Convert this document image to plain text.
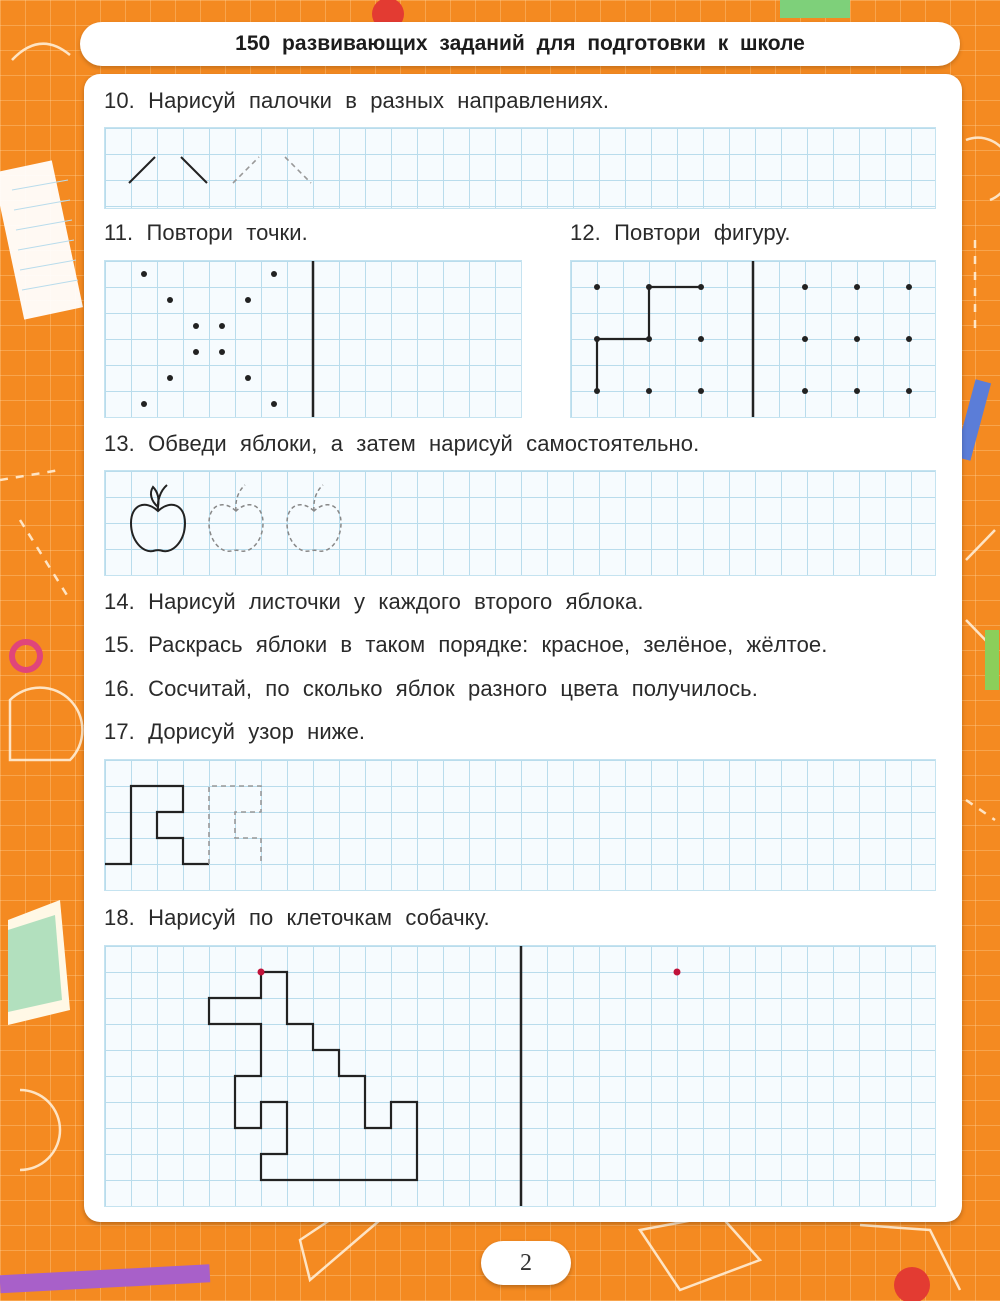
150 развивающих заданий для подготовки к школе
10. Нарисуй палочки в разных направлениях.
11. Повтори точки.	12. Повтори фигуру.
13. Обведи яблоки, а затем нарисуй самостоятельно.
14. Нарисуй листочки у каждого второго яблока.
15. Раскрась яблоки в таком порядке: красное, зелёное, жёлтое.
16. Сосчитай, по сколько яблок разного цвета получилось.
17. Дорисуй узор ниже.
18. Нарисуй по клеточкам собачку.
2
